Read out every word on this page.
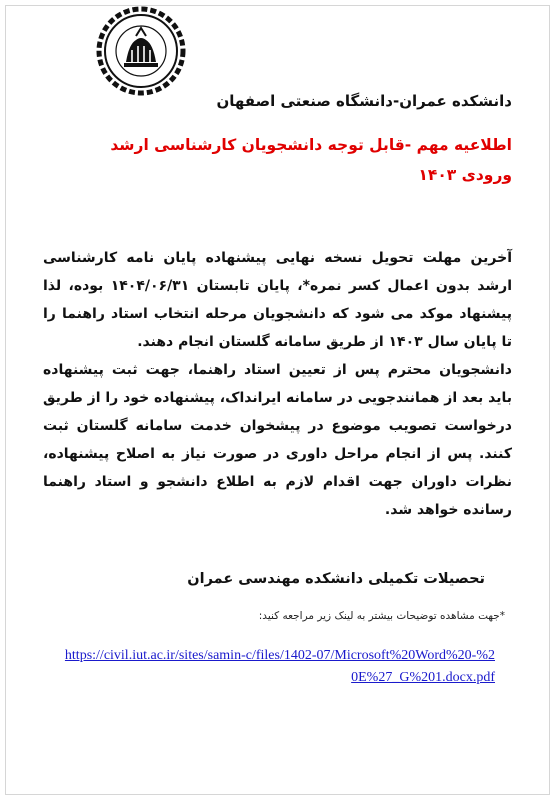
دانشکده عمران-دانشگاه صنعتی اصفهان
اطلاعیه مهم -قابل توجه دانشجویان کارشناسی ارشد
ورودی ۱۴۰۳

آخرین مهلت تحویل نسخه نهایی پیشنهاده پایان نامه کارشناسی ارشد بدون اعمال کسر نمره*، پایان تابستان ۱۴۰۴/۰۶/۳۱ بوده، لذا پیشنهاد موکد می شود که دانشجویان مرحله انتخاب استاد راهنما را تا پایان سال ۱۴۰۳ از طریق سامانه گلستان انجام دهند.

دانشجویان محترم پس از تعیین استاد راهنما، جهت ثبت پیشنهاده باید بعد از همانندجویی در سامانه ایرانداک، پیشنهاده خود را از طریق درخواست تصویب موضوع در پیشخوان خدمت سامانه گلستان ثبت کنند. پس از انجام مراحل داوری در صورت نیاز به اصلاح پیشنهاده، نظرات داوران جهت اقدام لازم به اطلاع دانشجو و استاد راهنما رسانده خواهد شد.

تحصیلات تکمیلی دانشکده مهندسی عمران
*جهت مشاهده توضیحات بیشتر به لینک زیر مراجعه کنید:
https://civil.iut.ac.ir/sites/samin-c/files/1402-07/Microsoft%20Word%20-%20E%27_G%201.docx.pdf
